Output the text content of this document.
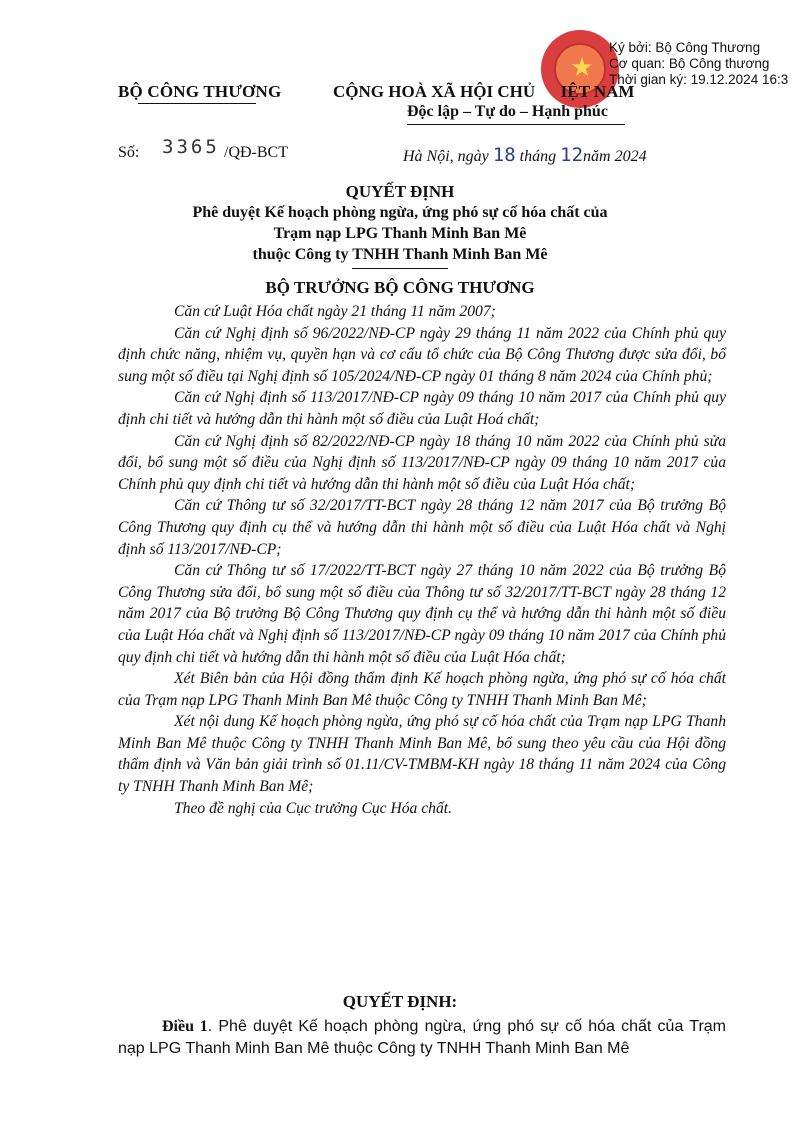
★
Ký bởi: Bộ Công Thương
Cơ quan: Bộ Công thương
Thời gian ký: 19.12.2024 16:3
BỘ CÔNG THƯƠNG	CỘNG HOÀ XÃ HỘI CHỦ      IỆT NAM
Độc lập – Tự do – Hạnh phúc
Số: 3365 /QĐ-BCT	Hà Nội, ngày 18 tháng 12năm 2024
QUYẾT ĐỊNH
Phê duyệt Kế hoạch phòng ngừa, ứng phó sự cố hóa chất của
Trạm nạp LPG Thanh Minh Ban Mê
thuộc Công ty TNHH Thanh Minh Ban Mê
BỘ TRƯỞNG BỘ CÔNG THƯƠNG

Căn cứ Luật Hóa chất ngày 21 tháng 11 năm 2007;

Căn cứ Nghị định số 96/2022/NĐ-CP ngày 29 tháng 11 năm 2022 của Chính phủ quy định chức năng, nhiệm vụ, quyền hạn và cơ cấu tổ chức của Bộ Công Thương được sửa đổi, bổ sung một số điều tại Nghị định số 105/2024/NĐ-CP ngày 01 tháng 8 năm 2024 của Chính phủ;

Căn cứ Nghị định số 113/2017/NĐ-CP ngày 09 tháng 10 năm 2017 của Chính phủ quy định chi tiết và hướng dẫn thi hành một số điều của Luật Hoá chất;

Căn cứ Nghị định số 82/2022/NĐ-CP ngày 18 tháng 10 năm 2022 của Chính phủ sửa đổi, bổ sung một số điều của Nghị định số 113/2017/NĐ-CP ngày 09 tháng 10 năm 2017 của Chính phủ quy định chi tiết và hướng dẫn thi hành một số điều của Luật Hóa chất;

Căn cứ Thông tư số 32/2017/TT-BCT ngày 28 tháng 12 năm 2017 của Bộ trưởng Bộ Công Thương quy định cụ thể và hướng dẫn thi hành một số điều của Luật Hóa chất và Nghị định số 113/2017/NĐ-CP;

Căn cứ Thông tư số 17/2022/TT-BCT ngày 27 tháng 10 năm 2022 của Bộ trưởng Bộ Công Thương sửa đổi, bổ sung một số điều của Thông tư số 32/2017/TT-BCT ngày 28 tháng 12 năm 2017 của Bộ trưởng Bộ Công Thương quy định cụ thể và hướng dẫn thi hành một số điều của Luật Hóa chất và Nghị định số 113/2017/NĐ-CP ngày 09 tháng 10 năm 2017 của Chính phủ quy định chi tiết và hướng dẫn thi hành một số điều của Luật Hóa chất;

Xét Biên bản của Hội đồng thẩm định Kế hoạch phòng ngừa, ứng phó sự cố hóa chất của Trạm nạp LPG Thanh Minh Ban Mê thuộc Công ty TNHH Thanh Minh Ban Mê;

Xét nội dung Kế hoạch phòng ngừa, ứng phó sự cố hóa chất của Trạm nạp LPG Thanh Minh Ban Mê thuộc Công ty TNHH Thanh Minh Ban Mê, bổ sung theo yêu cầu của Hội đồng thẩm định và Văn bản giải trình số 01.11/CV-TMBM-KH ngày 18 tháng 11 năm 2024 của Công ty TNHH Thanh Minh Ban Mê;

Theo đề nghị của Cục trưởng Cục Hóa chất.

QUYẾT ĐỊNH:
Điều 1. Phê duyệt Kế hoạch phòng ngừa, ứng phó sự cố hóa chất của Trạm nạp LPG Thanh Minh Ban Mê thuộc Công ty TNHH Thanh Minh Ban Mê
